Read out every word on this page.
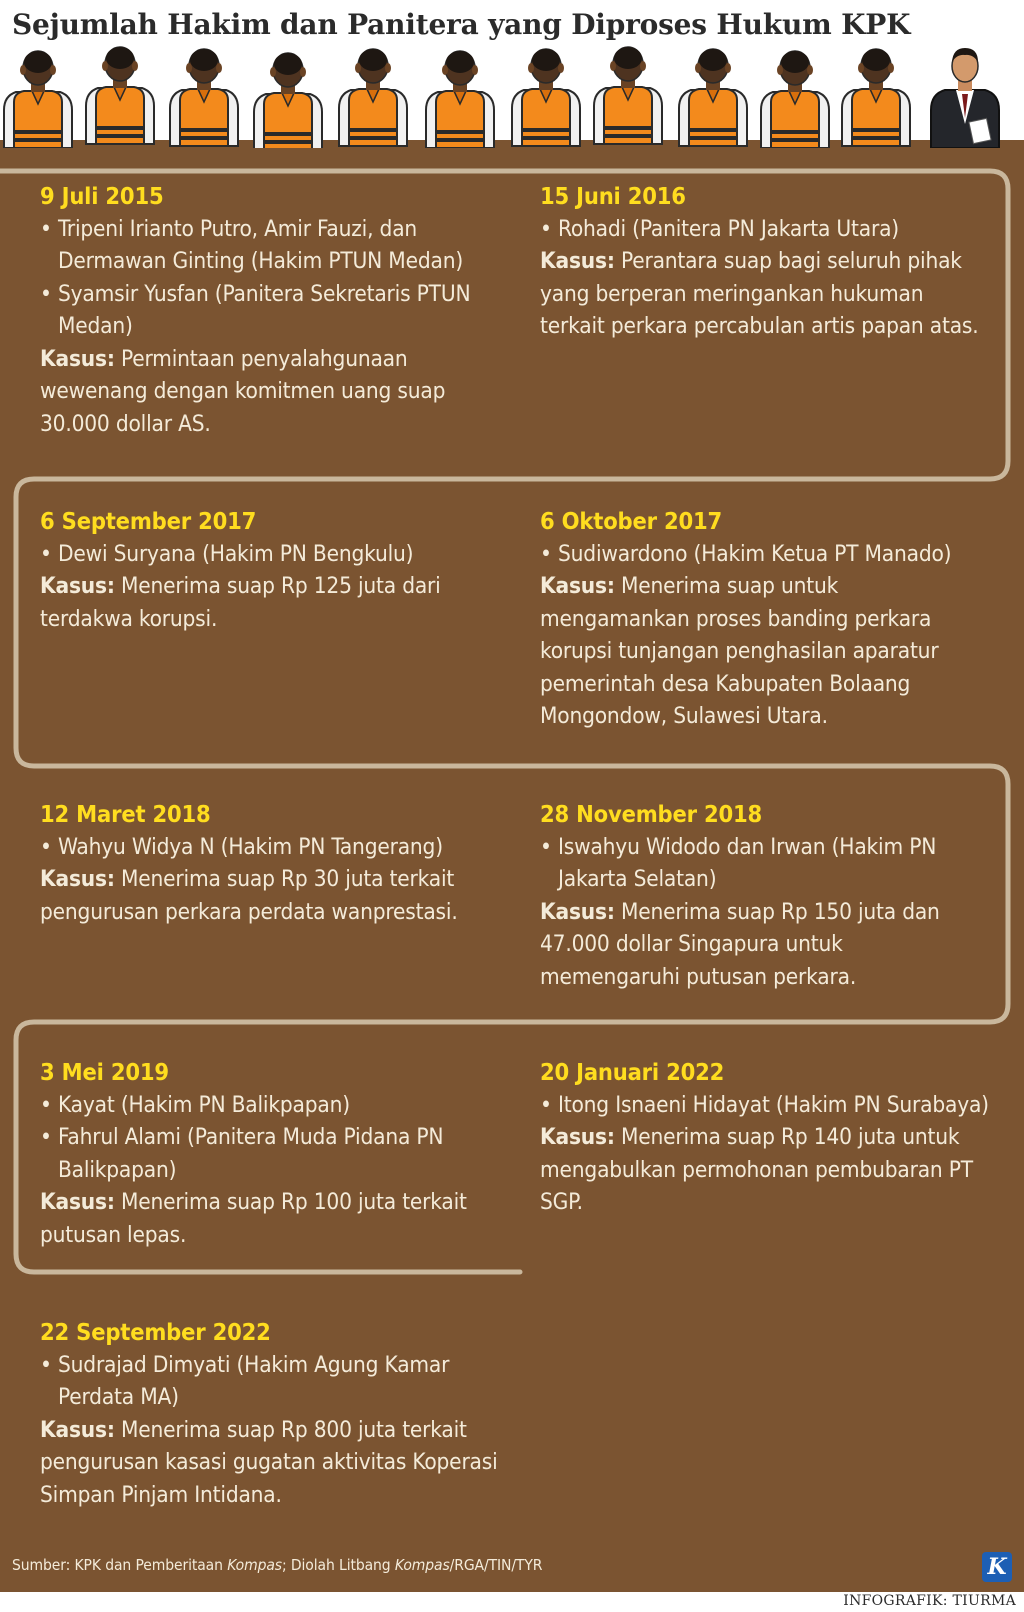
Sejumlah Hakim dan Panitera yang Diproses Hukum KPK
9 Juli 2015
• Tripeni Irianto Putro, Amir Fauzi, dan Dermawan Ginting (Hakim PTUN Medan)
• Syamsir Yusfan (Panitera Sekretaris PTUN Medan)
Kasus: Permintaan penyalahgunaan wewenang dengan komitmen uang suap 30.000 dollar AS.
15 Juni 2016
• Rohadi (Panitera PN Jakarta Utara)
Kasus: Perantara suap bagi seluruh pihak yang berperan meringankan hukuman terkait perkara percabulan artis papan atas.
6 September 2017
• Dewi Suryana (Hakim PN Bengkulu)
Kasus: Menerima suap Rp 125 juta dari terdakwa korupsi.
6 Oktober 2017
• Sudiwardono (Hakim Ketua PT Manado)
Kasus: Menerima suap untuk mengamankan proses banding perkara korupsi tunjangan penghasilan aparatur pemerintah desa Kabupaten Bolaang Mongondow, Sulawesi Utara.
12 Maret 2018
• Wahyu Widya N (Hakim PN Tangerang)
Kasus: Menerima suap Rp 30 juta terkait pengurusan perkara perdata wanprestasi.
28 November 2018
• Iswahyu Widodo dan Irwan (Hakim PN Jakarta Selatan)
Kasus: Menerima suap Rp 150 juta dan 47.000 dollar Singapura untuk memengaruhi putusan perkara.
3 Mei 2019
• Kayat (Hakim PN Balikpapan)
• Fahrul Alami (Panitera Muda Pidana PN Balikpapan)
Kasus: Menerima suap Rp 100 juta terkait putusan lepas.
20 Januari 2022
• Itong Isnaeni Hidayat (Hakim PN Surabaya)
Kasus: Menerima suap Rp 140 juta untuk mengabulkan permohonan pembubaran PT SGP.
22 September 2022
• Sudrajad Dimyati (Hakim Agung Kamar Perdata MA)
Kasus: Menerima suap Rp 800 juta terkait pengurusan kasasi gugatan aktivitas Koperasi Simpan Pinjam Intidana.
Sumber: KPK dan Pemberitaan Kompas; Diolah Litbang Kompas/RGA/TIN/TYR	K
INFOGRAFIK: TIURMA
